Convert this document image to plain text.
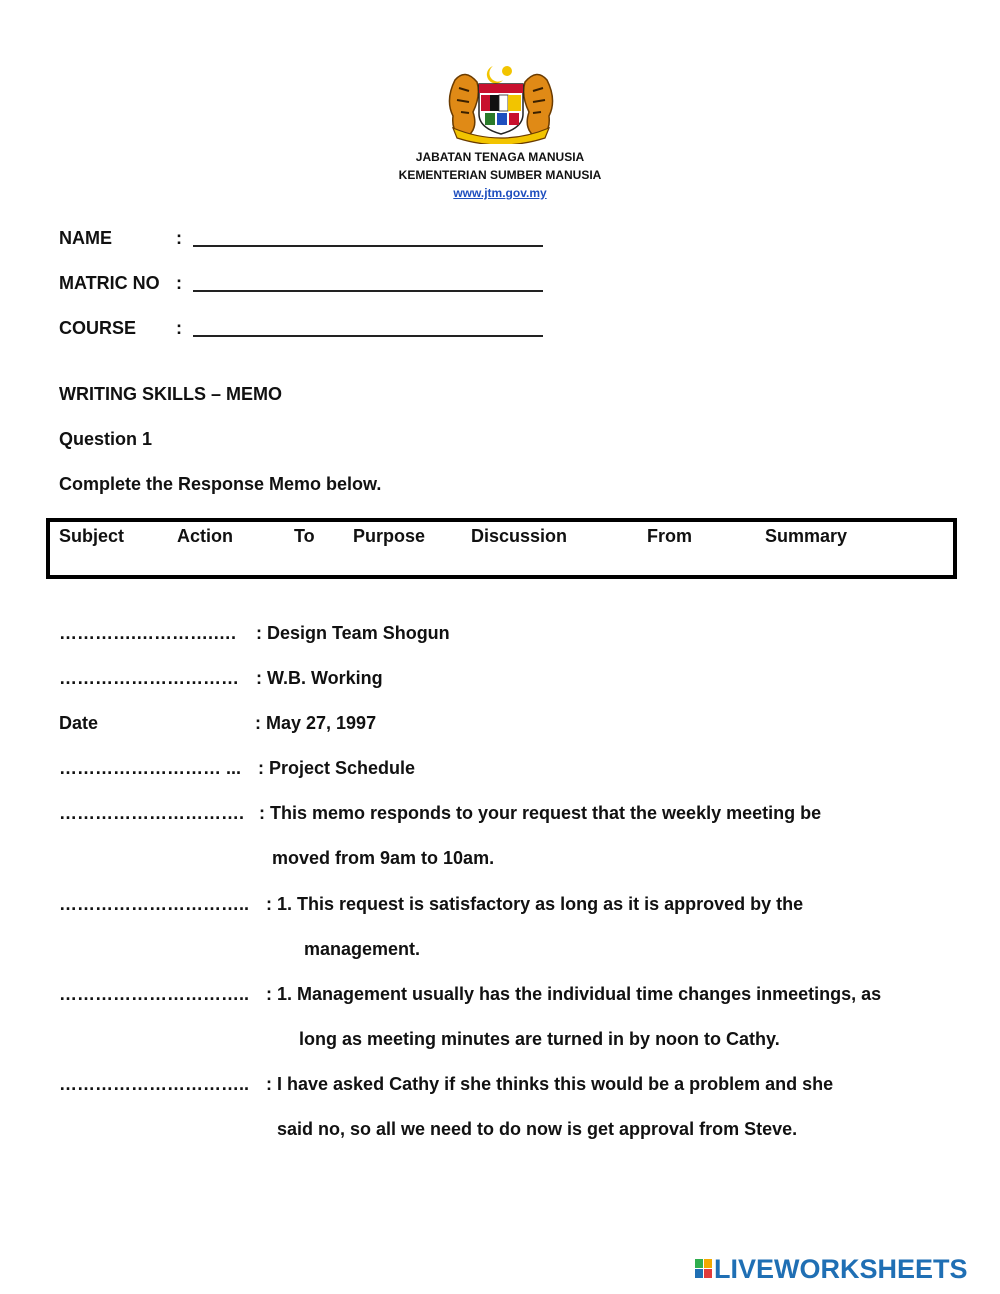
JABATAN TENAGA MANUSIA
KEMENTERIAN SUMBER MANUSIA
www.jtm.gov.my
NAME	:
MATRIC NO :
COURSE :
WRITING SKILLS – MEMO
Question 1
Complete the Response Memo below.
Subject	Action	To Purpose	Discussion	From	Summary
………….………….…. : Design Team Shogun
………………………… : W.B. Working
Date	: May 27, 1997
……………………… ... : Project Schedule
…………………………. : This memo responds to your request that the weekly meeting be
moved from 9am to 10am.
………………………….. : 1. This request is satisfactory as long as it is approved by the
management.
………………………….. : 1. Management usually has the individual time changes inmeetings, as
long as meeting minutes are turned in by noon to Cathy.
………………………….. : I have asked Cathy if she thinks this would be a problem and she
said no, so all we need to do now is get approval from Steve.
LIVEWORKSHEETS
